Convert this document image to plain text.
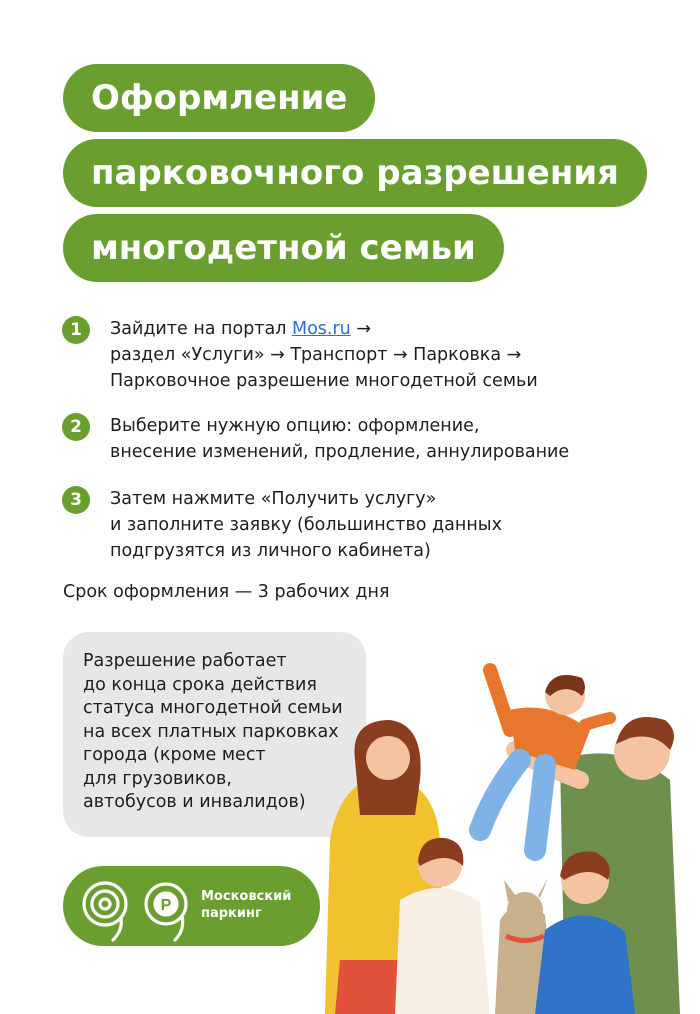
Оформление
парковочного разрешения
многодетной семьи
1	Зайдите на портал Mos.ru →
раздел «Услуги» → Транспорт → Парковка →
Парковочное разрешение многодетной семьи
2	Выберите нужную опцию: оформление,
внесение изменений, продление, аннулирование
3	Затем нажмите «Получить услугу»
и заполните заявку (большинство данных
подгрузятся из личного кабинета)
Срок оформления — 3 рабочих дня
Разрешение работает
до конца срока действия
статуса многодетной семьи
на всех платных парковках
города (кроме мест
для грузовиков,
автобусов и инвалидов)
P
Московский
паркинг
